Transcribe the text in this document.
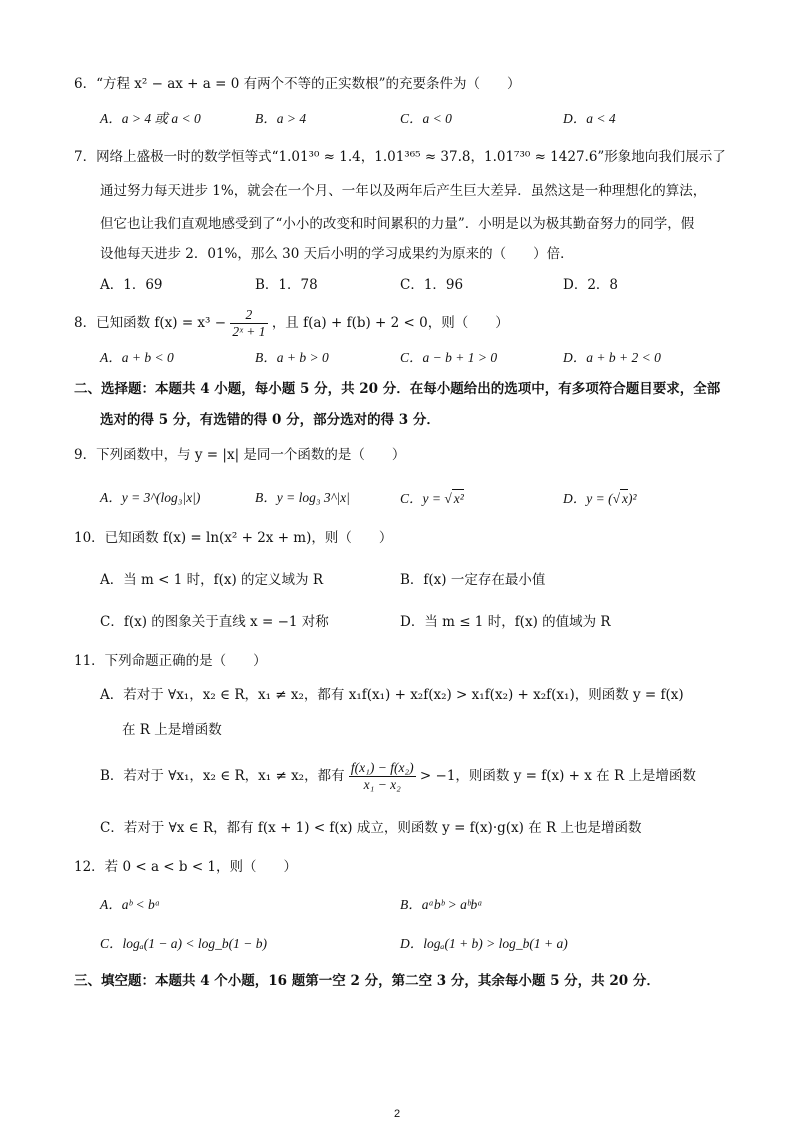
6．“方程 x² − ax + a = 0 有两个不等的正实数根”的充要条件为（　　）
A．a > 4 或 a < 0	B．a > 4	C．a < 0	D．a < 4
7．网络上盛极一时的数学恒等式“1.01³⁰ ≈ 1.4，1.01³⁶⁵ ≈ 37.8，1.01⁷³⁰ ≈ 1427.6”形象地向我们展示了
通过努力每天进步 1%，就会在一个月、一年以及两年后产生巨大差异．虽然这是一种理想化的算法，
但它也让我们直观地感受到了“小小的改变和时间累积的力量”．小明是以为极其勤奋努力的同学，假
设他每天进步 2．01%，那么 30 天后小明的学习成果约为原来的（　　）倍．
A．1．69	B．1．78	C．1．96	D．2．8
8．已知函数 $f(x) = x^3 - \frac{2}{\text{2ˣ + 1}}$ ，且 f(a) + f(b) + 2 < 0，则（　　）
A．a + b < 0	B．a + b > 0	C．a − b + 1 > 0	D．a + b + 2 < 0
二、选择题：本题共 4 小题，每小题 5 分，共 20 分．在每小题给出的选项中，有多项符合题目要求，全部
选对的得 5 分，有选错的得 0 分，部分选对的得 3 分．
9．下列函数中，与 y = |x| 是同一个函数的是（　　）
A．y = 3^(log₃|x|)	B．y = log₃ 3^|x|	C．y = √ x²	D．y = (√ x)²
10．已知函数 f(x) = ln(x² + 2x + m)，则（　　）
A．当 m < 1 时，f(x) 的定义域为 R	B．f(x) 一定存在最小值
C．f(x) 的图象关于直线 x = −1 对称	D．当 m ≤ 1 时，f(x) 的值域为 R
11．下列命题正确的是（　　）
A．若对于 ∀x₁，x₂ ∈ R，x₁ ≠ x₂，都有 x₁f(x₁) + x₂f(x₂) > x₁f(x₂) + x₂f(x₁)，则函数 y = f(x)
在 R 上是增函数
B．若对于 ∀x₁，x₂ ∈ R，x₁ ≠ x₂，都有 $\frac{\text{f(x₁) − f(x₂)}}{\text{x₁ − x₂}} > -1$，则函数 y = f(x) + x 在 R 上是增函数
C．若对于 ∀x ∈ R，都有 f(x + 1) < f(x) 成立，则函数 y = f(x)·g(x) 在 R 上也是增函数
12．若 0 < a < b < 1，则（　　）
A．aᵇ < bᵃ	B．aᵃbᵇ > aᵇbᵃ
C．logₐ(1 − a) < log_b(1 − b)	D．logₐ(1 + b) > log_b(1 + a)
三、填空题：本题共 4 个小题，16 题第一空 2 分，第二空 3 分，其余每小题 5 分，共 20 分．
2
